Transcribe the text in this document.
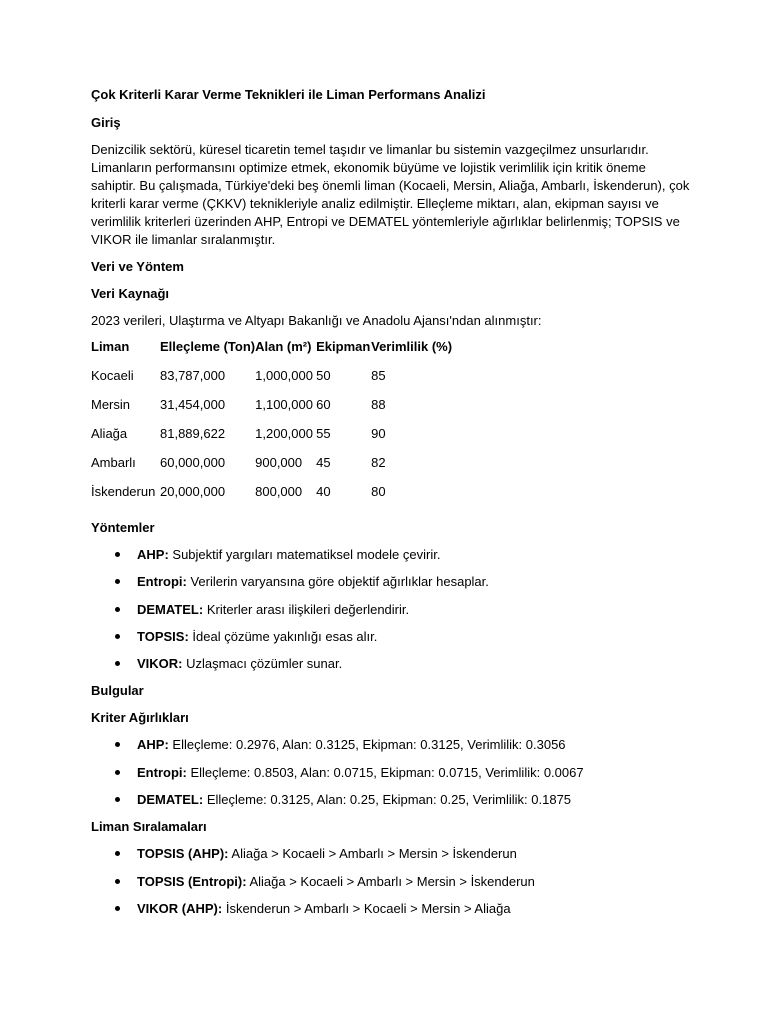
Çok Kriterli Karar Verme Teknikleri ile Liman Performans Analizi
Giriş
Denizcilik sektörü, küresel ticaretin temel taşıdır ve limanlar bu sistemin vazgeçilmez unsurlarıdır. Limanların performansını optimize etmek, ekonomik büyüme ve lojistik verimlilik için kritik öneme sahiptir. Bu çalışmada, Türkiye'deki beş önemli liman (Kocaeli, Mersin, Aliağa, Ambarlı, İskenderun), çok kriterli karar verme (ÇKKV) teknikleriyle analiz edilmiştir. Elleçleme miktarı, alan, ekipman sayısı ve verimlilik kriterleri üzerinden AHP, Entropi ve DEMATEL yöntemleriyle ağırlıklar belirlenmiş; TOPSIS ve VIKOR ile limanlar sıralanmıştır.
Veri ve Yöntem
Veri Kaynağı
2023 verileri, Ulaştırma ve Altyapı Bakanlığı ve Anadolu Ajansı'ndan alınmıştır:
Liman	Elleçleme (Ton)	Alan (m²)	Ekipman	Verimlilik (%)
Kocaeli	83,787,000	1,000,000	50	85
Mersin	31,454,000	1,100,000	60	88
Aliağa	81,889,622	1,200,000	55	90
Ambarlı	60,000,000	900,000	45	82
İskenderun	20,000,000	800,000	40	80
Yöntemler
AHP: Subjektif yargıları matematiksel modele çevirir.
Entropi: Verilerin varyansına göre objektif ağırlıklar hesaplar.
DEMATEL: Kriterler arası ilişkileri değerlendirir.
TOPSIS: İdeal çözüme yakınlığı esas alır.
VIKOR: Uzlaşmacı çözümler sunar.
Bulgular
Kriter Ağırlıkları
AHP: Elleçleme: 0.2976, Alan: 0.3125, Ekipman: 0.3125, Verimlilik: 0.3056
Entropi: Elleçleme: 0.8503, Alan: 0.0715, Ekipman: 0.0715, Verimlilik: 0.0067
DEMATEL: Elleçleme: 0.3125, Alan: 0.25, Ekipman: 0.25, Verimlilik: 0.1875
Liman Sıralamaları
TOPSIS (AHP): Aliağa > Kocaeli > Ambarlı > Mersin > İskenderun
TOPSIS (Entropi): Aliağa > Kocaeli > Ambarlı > Mersin > İskenderun
VIKOR (AHP): İskenderun > Ambarlı > Kocaeli > Mersin > Aliağa
